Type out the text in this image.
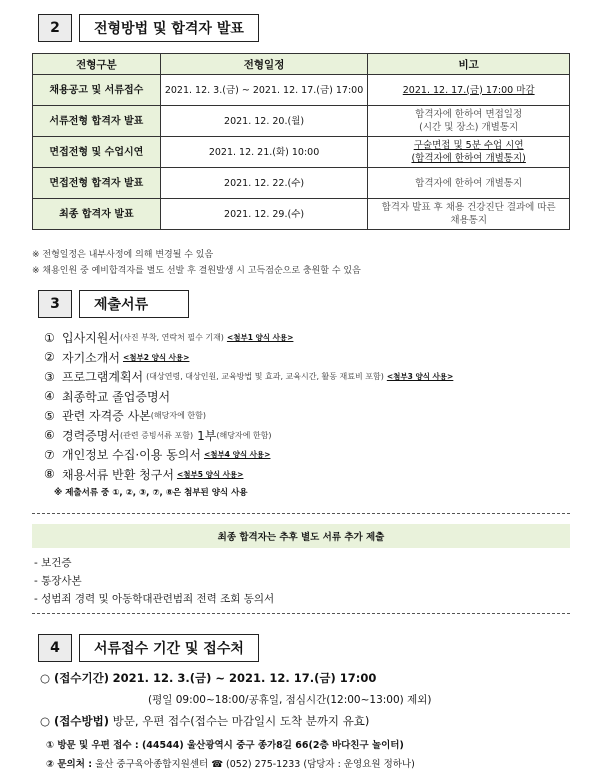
2	전형방법 및 합격자 발표
전형구분	전형일정	비고
채용공고 및 서류접수	2021. 12. 3.(금) ~ 2021. 12. 17.(금) 17:00	2021. 12. 17.(금) 17:00 마감
서류전형 합격자 발표	2021. 12. 20.(월)	합격자에 한하여 면접일정
(시간 및 장소) 개별통지

면접전형 및 수업시연	2021. 12. 21.(화) 10:00	구술면접 및 5분 수업 시연
(합격자에 한하여 개별통지)

면접전형 합격자 발표	2021. 12. 22.(수)	합격자에 한하여 개별통지
최종 합격자 발표	2021. 12. 29.(수)	합격자 발표 후 채용 건강진단 결과에 따른
채용통지
※ 전형일정은 내부사정에 의해 변경될 수 있음
※ 채용인원 중 예비합격자를 별도 선발 후 결원발생 시 고득점순으로 충원할 수 있음
3	제출서류
① 입사지원서 (사진 부착, 연락처 필수 기재) <첨부1 양식 사용>
② 자기소개서 <첨부2 양식 사용>
③ 프로그램계획서 (대상연령, 대상인원, 교육방법 및 효과, 교육시간, 활동 재료비 포함) <첨부3 양식 사용>
④ 최종학교 졸업증명서
⑤ 관련 자격증 사본 (해당자에 한함)
⑥ 경력증명서 (관련 증빙서류 포함) 1부 (해당자에 한함)
⑦ 개인정보 수집·이용 동의서 <첨부4 양식 사용>
⑧ 채용서류 반환 청구서 <첨부5 양식 사용>
※ 제출서류 중 ①, ②, ③, ⑦, ⑧은 첨부된 양식 사용
최종 합격자는 추후 별도 서류 추가 제출
- 보건증
- 통장사본
- 성범죄 경력 및 아동학대관련범죄 전력 조회 동의서
4	서류접수 기간 및 접수처
○ (접수기간) 2021. 12. 3.(금) ~ 2021. 12. 17.(금) 17:00
(평일 09:00~18:00/공휴일, 점심시간(12:00~13:00) 제외)
○ (접수방법) 방문, 우편 접수(접수는 마감일시 도착 분까지 유효)
① 방문 및 우편 접수 : (44544) 울산광역시 중구 종가8길 66(2층 바다친구 놀이터)
② 문의처 : 울산 중구육아종합지원센터 ☎ (052) 275-1233 (담당자 : 운영요원 정하나)
